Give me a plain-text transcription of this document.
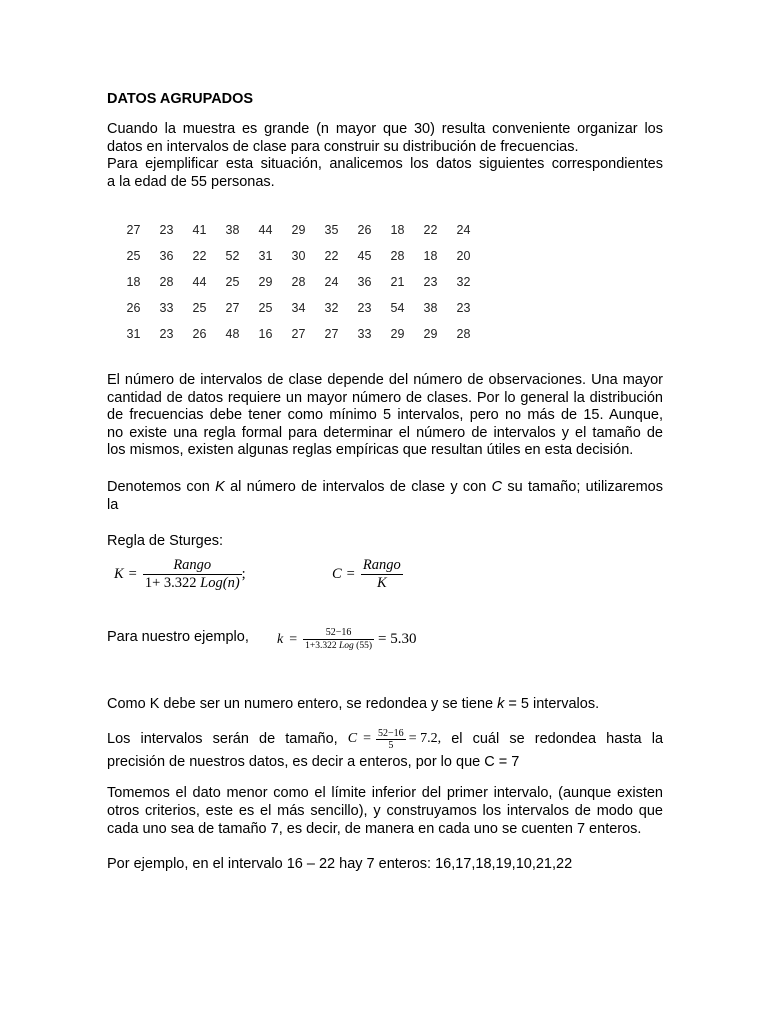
DATOS AGRUPADOS
Cuando la muestra es grande (n mayor que 30) resulta conveniente organizar los
datos en intervalos de clase para construir su distribución de frecuencias.
Para ejemplificar esta situación, analicemos los datos siguientes correspondientes
a la edad de 55 personas.
27	23	41	38	44	29	35	26	18	22	24
25	36	22	52	31	30	22	45	28	18	20
18	28	44	25	29	28	24	36	21	23	32
26	33	25	27	25	34	32	23	54	38	23
31	23	26	48	16	27	27	33	29	29	28
El número de intervalos de clase depende del número de observaciones. Una mayor
cantidad de datos requiere un mayor número de clases. Por lo general la distribución
de frecuencias debe tener como mínimo 5 intervalos, pero no más de 15. Aunque,
no existe una regla formal para determinar el número de intervalos y el tamaño de
los mismos, existen algunas reglas empíricas que resultan útiles en esta decisión.
Denotemos con K al número de intervalos de clase y con C su tamaño; utilizaremos
la
Regla de Sturges:
$K = \frac{\text{Rango}}{\text{1+ 3.322 Log(n)}}$ ;	$C = \frac{\text{Rango}}{K}$
Para nuestro ejemplo, $k = \frac{52-16}{\text{1+3.322 Log (55)}} = 5.30$
Como K debe ser un numero entero, se redondea y se tiene k = 5 intervalos.
Los intervalos serán de tamaño, $C = \frac{52-16}{5} = 7.2$, el cuál se redondea hasta la
precisión de nuestros datos, es decir a enteros, por lo que C = 7
Tomemos el dato menor como el límite inferior del primer intervalo, (aunque existen
otros criterios, este es el más sencillo), y construyamos los intervalos de modo que
cada uno sea de tamaño 7, es decir, de manera en cada uno se cuenten 7 enteros.
Por ejemplo, en el intervalo 16 – 22 hay 7 enteros: 16,17,18,19,10,21,22
